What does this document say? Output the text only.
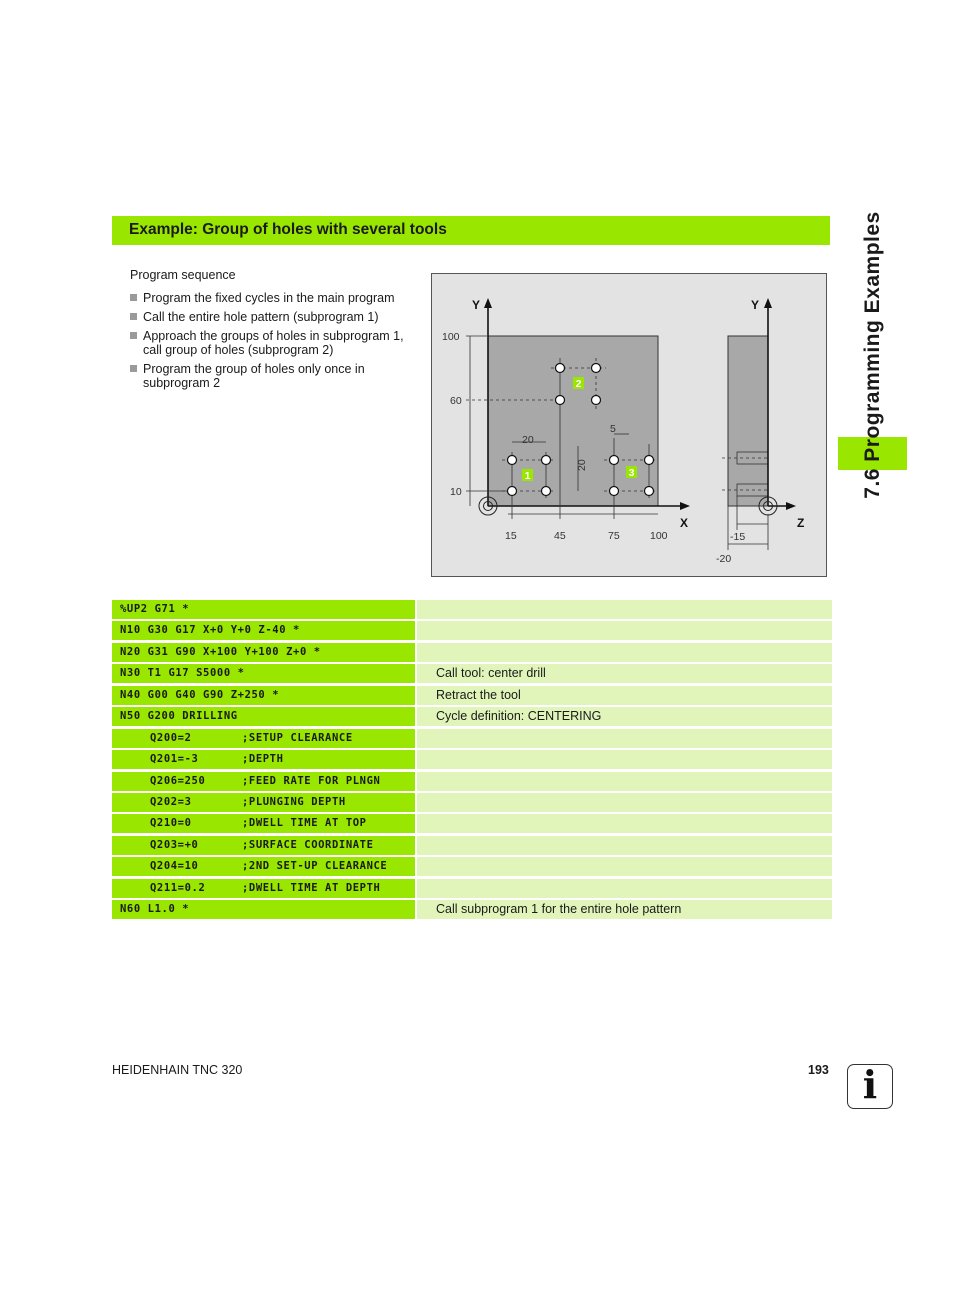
Example: Group of holes with several tools	7.6 Programming Examples
Program sequence
Program the fixed cycles in the main program
Call the entire hole pattern (subprogram 1)
Approach the groups of holes in subprogram 1, call group of holes (subprogram 2)
Program the group of holes only once in subprogram 2	2
1	3
Y
X
100
60
10
15	45	75	100
20
5
20
Y
Z
-15
-20
%UP2 G71 *
N10 G30 G17 X+0 Y+0 Z-40 *
N20 G31 G90 X+100 Y+100 Z+0 *
N30 T1 G17 S5000 *	Call tool: center drill
N40 G00 G40 G90 Z+250 *	Retract the tool
N50 G200 DRILLING	Cycle definition: CENTERING
Q200=2	;SETUP CLEARANCE
Q201=-3	;DEPTH
Q206=250	;FEED RATE FOR PLNGN
Q202=3	;PLUNGING DEPTH
Q210=0	;DWELL TIME AT TOP
Q203=+0	;SURFACE COORDINATE
Q204=10	;2ND SET-UP CLEARANCE
Q211=0.2	;DWELL TIME AT DEPTH
N60 L1.0 *	Call subprogram 1 for the entire hole pattern
HEIDENHAIN TNC 320	193 i
